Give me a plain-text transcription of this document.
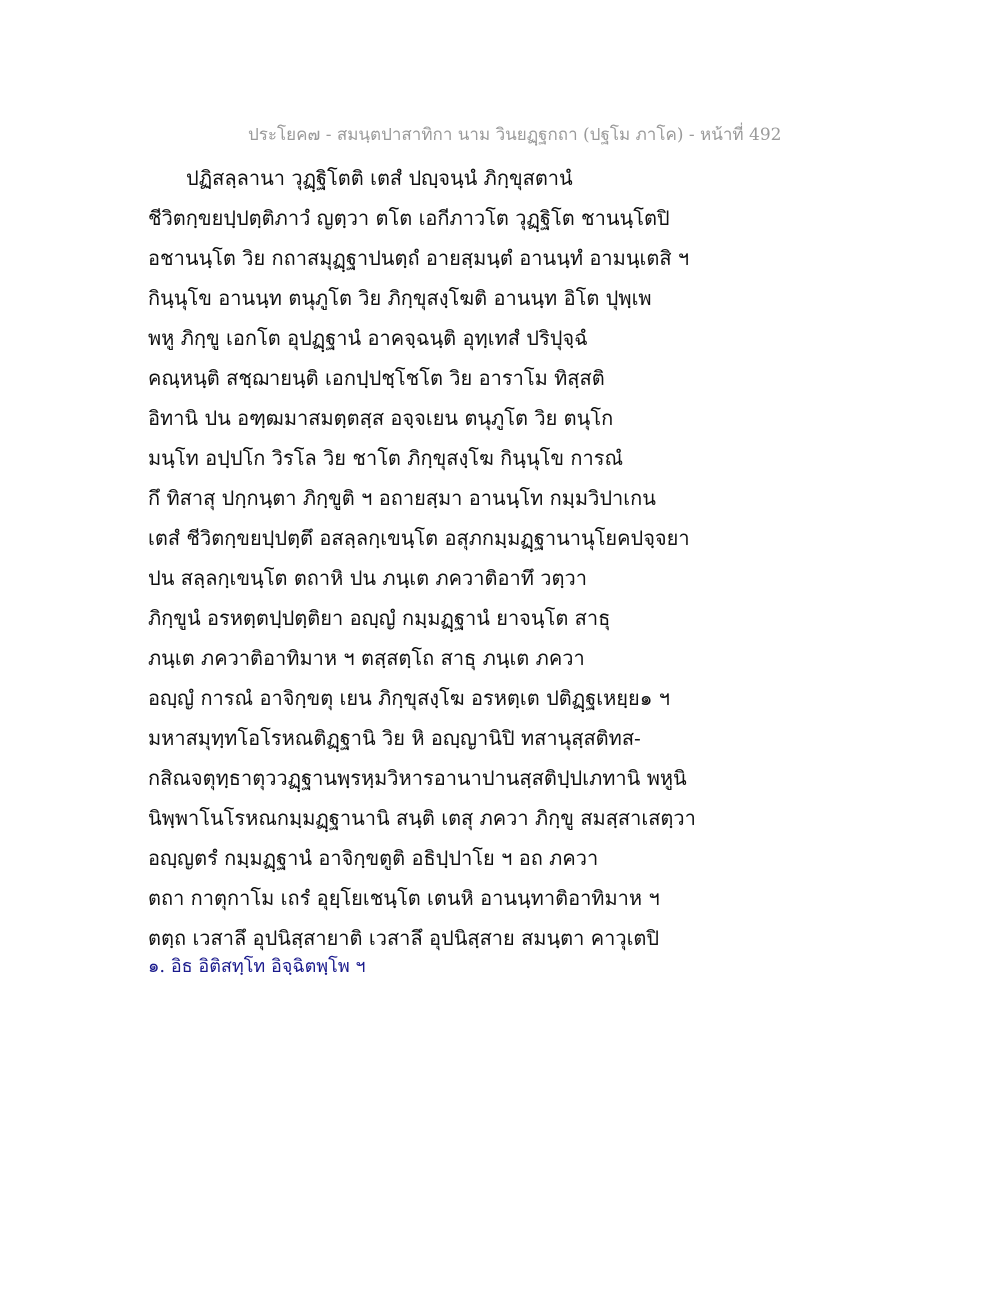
ประโยค๗ - สมนฺตปาสาทิกา นาม วินยฏฺฐกถา (ปฐโม ภาโค) - หน้าที่ 492
ปฏิสลฺลานา วุฏฺฐิโตติ เตสํ ปญฺจนฺนํ ภิกฺขุสตานํ
ชีวิตกฺขยปฺปตฺติภาวํ ญตฺวา ตโต เอกีภาวโต วุฏฺฐิโต ชานนฺโตปิ
อชานนฺโต วิย กถาสมุฏฺฐาปนตฺถํ อายสฺมนฺตํ อานนฺทํ อามนฺเตสิ ฯ
กินฺนุโข อานนฺท ตนุภูโต วิย ภิกฺขุสงฺโฆติ อานนฺท อิโต ปุพฺเพ
พหู ภิกฺขู เอกโต อุปฏฺฐานํ อาคจฺฉนฺติ อุทฺเทสํ ปริปุจฺฉํ
คณฺหนฺติ สชฺฌายนฺติ เอกปฺปชฺโชโต วิย อาราโม ทิสฺสติ
อิทานิ ปน อฑฺฒมาสมตฺตสฺส อจฺจเยน ตนุภูโต วิย ตนุโก
มนฺโท อปฺปโก วิรโล วิย ชาโต ภิกฺขุสงฺโฆ กินฺนุโข การณํ
กึ ทิสาสุ ปกฺกนฺตา ภิกฺขูติ ฯ อถายสฺมา อานนฺโท กมฺมวิปาเกน
เตสํ ชีวิตกฺขยปฺปตฺตึ อสลฺลกฺเขนฺโต อสุภกมฺมฏฺฐานานุโยคปจฺจยา
ปน สลฺลกฺเขนฺโต ตถาหิ ปน ภนฺเต ภควาติอาทึ วตฺวา
ภิกฺขูนํ อรหตฺตปฺปตฺติยา อญฺญํ กมฺมฏฺฐานํ ยาจนฺโต สาธุ
ภนฺเต ภควาติอาทิมาห ฯ ตสฺสตฺโถ สาธุ ภนฺเต ภควา
อญฺญํ การณํ อาจิกฺขตุ เยน ภิกฺขุสงฺโฆ อรหตฺเต ปติฏฺฐเหยฺย๑ ฯ
มหาสมุทฺทโอโรหณติฏฺฐานิ วิย หิ อญฺญานิปิ ทสานุสฺสติทส-
กสิณจตุทฺธาตุววฏฺฐานพฺรหฺมวิหารอานาปานสฺสติปฺปเภทานิ พหูนิ
นิพฺพาโนโรหณกมฺมฏฺฐานานิ สนฺติ เตสุ ภควา ภิกฺขู สมสฺสาเสตฺวา
อญฺญตรํ กมฺมฏฺฐานํ อาจิกฺขตูติ อธิปฺปาโย ฯ อถ ภควา
ตถา กาตุกาโม เถรํ อุยฺโยเชนฺโต เตนหิ อานนฺทาติอาทิมาห ฯ
ตตฺถ เวสาลึ อุปนิสฺสายาติ เวสาลึ อุปนิสฺสาย สมนฺตา คาวุเตปิ
๑. อิธ อิติสทฺโท อิจฺฉิตพฺโพ ฯ
